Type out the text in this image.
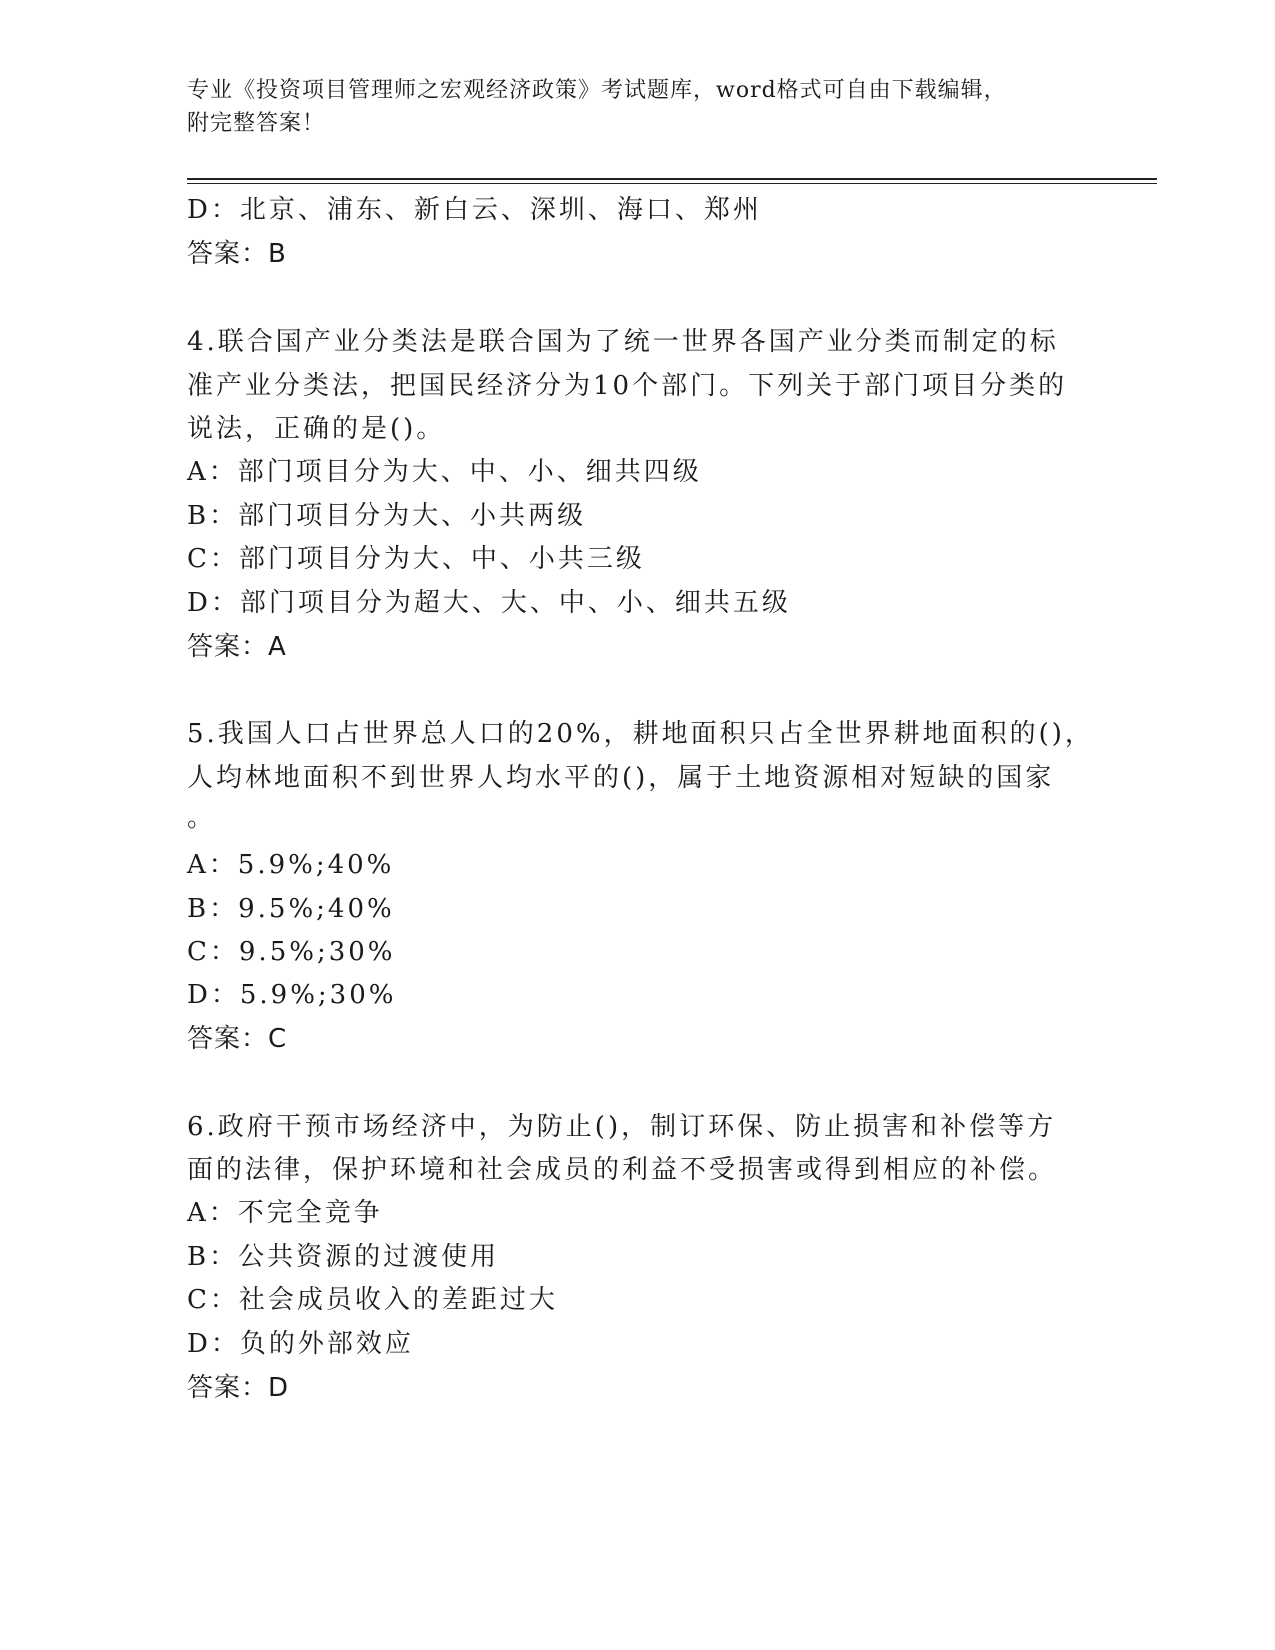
专业《投资项目管理师之宏观经济政策》考试题库，word格式可自由下载编辑，
附完整答案！
D：北京、浦东、新白云、深圳、海口、郑州
答案：B
4.联合国产业分类法是联合国为了统一世界各国产业分类而制定的标
准产业分类法，把国民经济分为10个部门。下列关于部门项目分类的
说法，正确的是()。
A：部门项目分为大、中、小、细共四级
B：部门项目分为大、小共两级
C：部门项目分为大、中、小共三级
D：部门项目分为超大、大、中、小、细共五级
答案：A
5.我国人口占世界总人口的20%，耕地面积只占全世界耕地面积的()，
人均林地面积不到世界人均水平的()，属于土地资源相对短缺的国家
。
A：5.9%;40%
B：9.5%;40%
C：9.5%;30%
D：5.9%;30%
答案：C
6.政府干预市场经济中，为防止()，制订环保、防止损害和补偿等方
面的法律，保护环境和社会成员的利益不受损害或得到相应的补偿。
A：不完全竞争
B：公共资源的过渡使用
C：社会成员收入的差距过大
D：负的外部效应
答案：D
